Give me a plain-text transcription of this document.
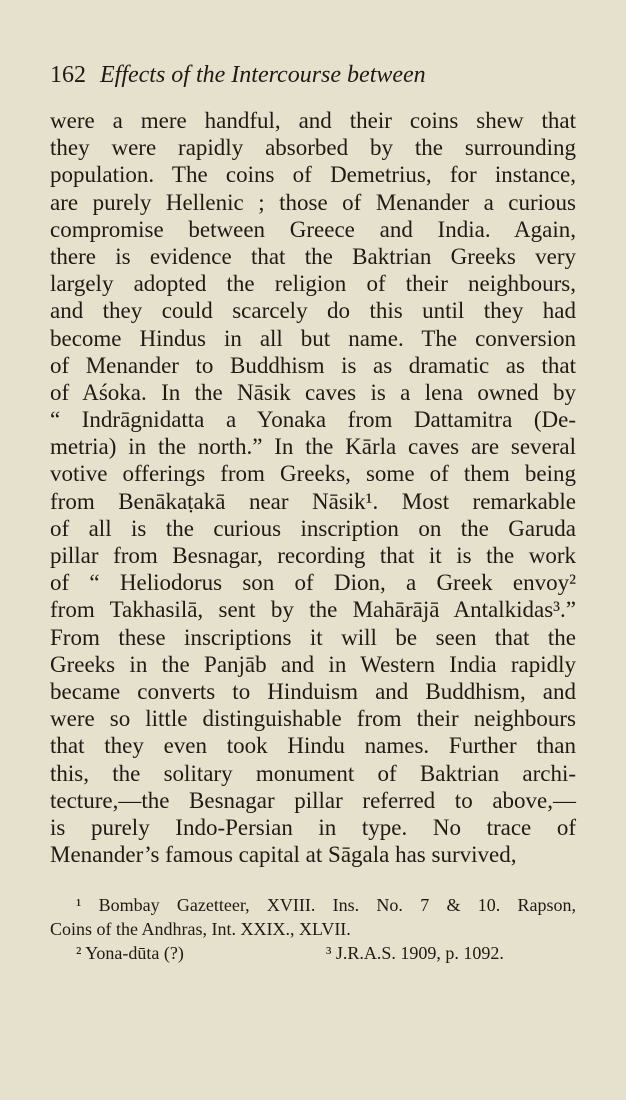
162 Effects of the Intercourse between
were a mere handful, and their coins shew that
they were rapidly absorbed by the surrounding
population. The coins of Demetrius, for instance,
are purely Hellenic ; those of Menander a curious
compromise between Greece and India. Again,
there is evidence that the Baktrian Greeks very
largely adopted the religion of their neighbours,
and they could scarcely do this until they had
become Hindus in all but name. The conversion
of Menander to Buddhism is as dramatic as that
of Aśoka. In the Nāsik caves is a lena owned by
“ Indrāgnidatta a Yonaka from Dattamitra (De-
metria) in the north.” In the Kārla caves are several
votive offerings from Greeks, some of them being
from Benākaṭakā near Nāsik¹. Most remarkable
of all is the curious inscription on the Garuda
pillar from Besnagar, recording that it is the work
of “ Heliodorus son of Dion, a Greek envoy²
from Takhasilā, sent by the Mahārājā Antalkidas³.”
From these inscriptions it will be seen that the
Greeks in the Panjāb and in Western India rapidly
became converts to Hinduism and Buddhism, and
were so little distinguishable from their neighbours
that they even took Hindu names. Further than
this, the solitary monument of Baktrian archi-
tecture,—the Besnagar pillar referred to above,—
is purely Indo-Persian in type. No trace of
Menander’s famous capital at Sāgala has survived,
¹ Bombay Gazetteer, XVIII. Ins. No. 7 & 10. Rapson,
Coins of the Andhras, Int. XXIX., XLVII.
² Yona-dūta (?)	³ J.R.A.S. 1909, p. 1092.
